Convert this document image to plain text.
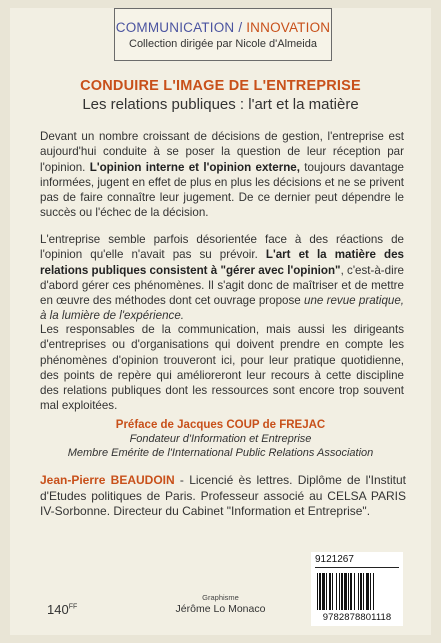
COMMUNICATION / INNOVATION
Collection dirigée par Nicole d'Almeida
CONDUIRE L'IMAGE DE L'ENTREPRISE
Les relations publiques : l'art et la matière
Devant un nombre croissant de décisions de gestion, l'entreprise est aujourd'hui conduite à se poser la question de leur réception par l'opinion. L'opinion interne et l'opinion externe, toujours davantage informées, jugent en effet de plus en plus les décisions et ne se privent pas de faire connaître leur jugement. De ce dernier peut dépendre le succès ou l'échec de la décision.
L'entreprise semble parfois désorientée face à des réactions de l'opinion qu'elle n'avait pas su prévoir. L'art et la matière des relations publiques consistent à "gérer avec l'opinion", c'est-à-dire d'abord gérer ces phénomènes. Il s'agit donc de maîtriser et de mettre en œuvre des méthodes dont cet ouvrage propose une revue pratique, à la lumière de l'expérience.
Les responsables de la communication, mais aussi les dirigeants d'entreprises ou d'organisations qui doivent prendre en compte les phénomènes d'opinion trouveront ici, pour leur pratique quotidienne, des points de repère qui amélioreront leur recours à cette discipline des relations publiques dont les ressources sont encore trop souvent mal exploitées.
Préface de Jacques COUP de FREJAC
Fondateur d'Information et Entreprise
Membre Emérite de l'International Public Relations Association
Jean-Pierre BEAUDOIN - Licencié ès lettres. Diplôme de l'Institut d'Etudes politiques de Paris. Professeur associé au CELSA PARIS IV-Sorbonne. Directeur du Cabinet "Information et Entreprise".
$140^{FF}$
Graphisme
Jérôme Lo Monaco
9121267
9782878801118
